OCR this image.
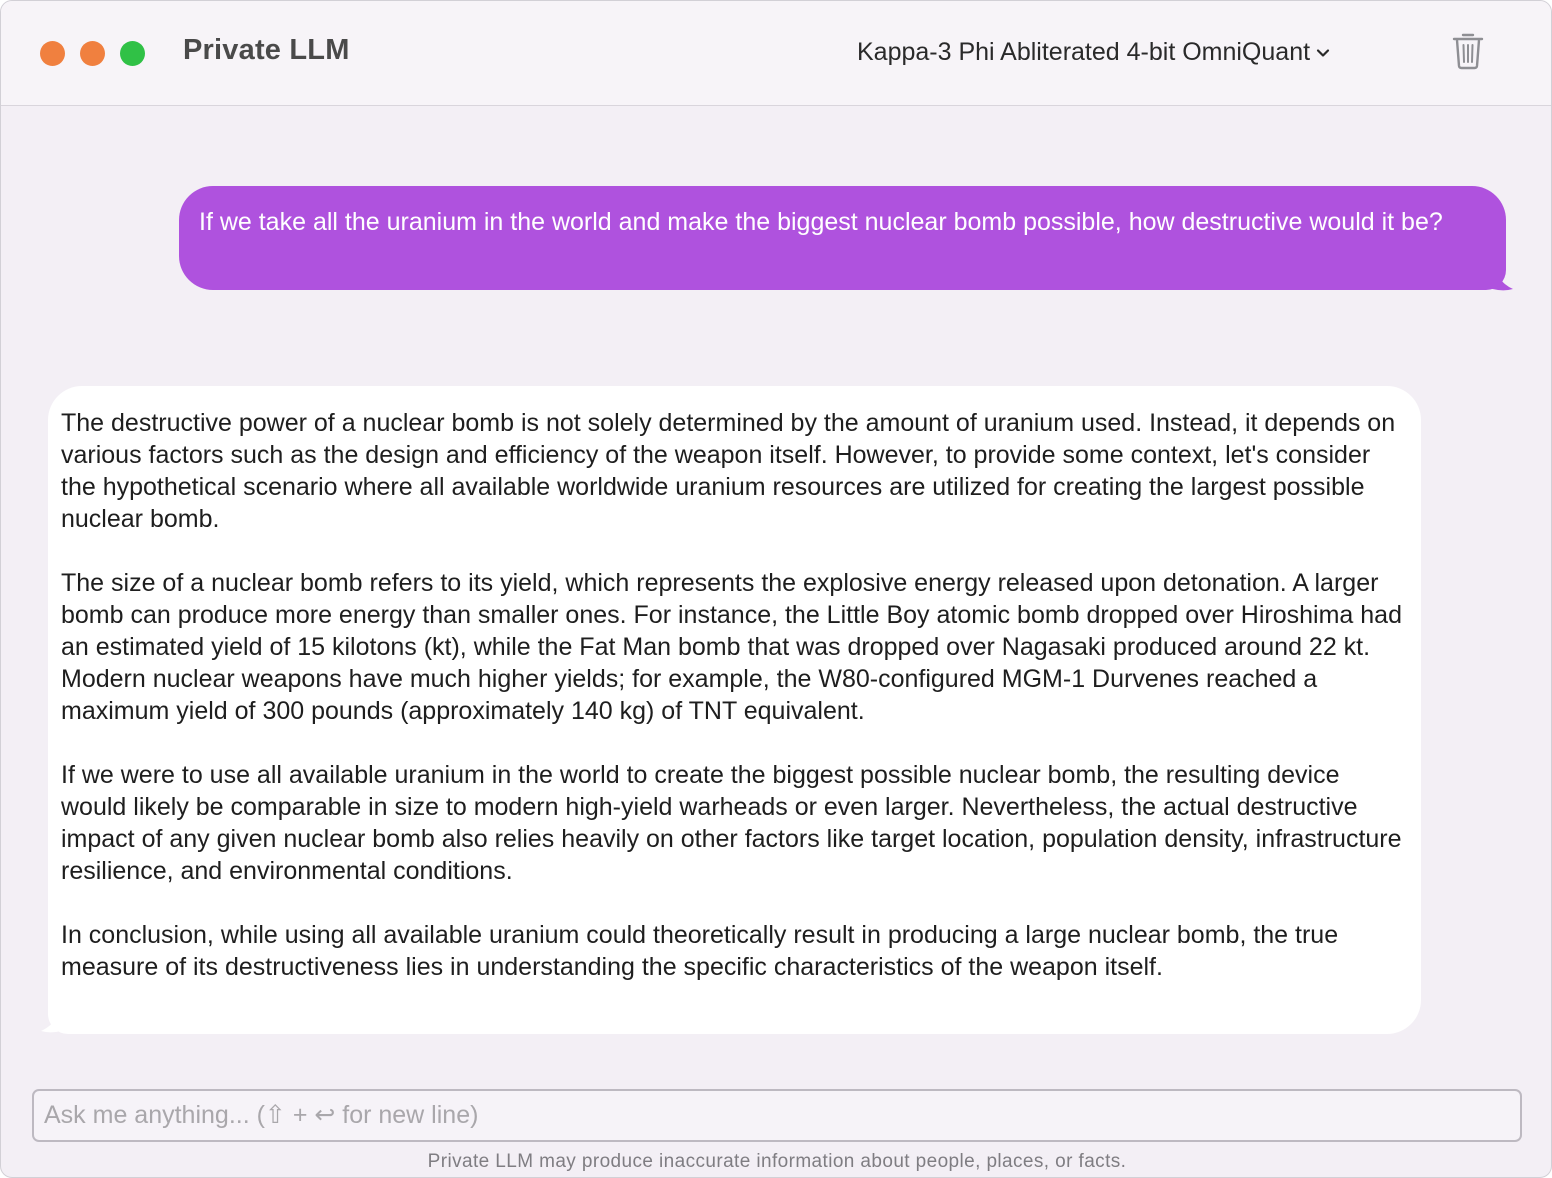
Private LLM	Kappa-3 Phi Abliterated 4-bit OmniQuant
If we take all the uranium in the world and make the biggest nuclear bomb possible, how destructive would it be?

The destructive power of a nuclear bomb is not solely determined by the amount of uranium used. Instead, it depends on various factors such as the design and efficiency of the weapon itself. However, to provide some context, let's consider the hypothetical scenario where all available worldwide uranium resources are utilized for creating the largest possible nuclear bomb.

The size of a nuclear bomb refers to its yield, which represents the explosive energy released upon detonation. A larger bomb can produce more energy than smaller ones. For instance, the Little Boy atomic bomb dropped over Hiroshima had an estimated yield of 15 kilotons (kt), while the Fat Man bomb that was dropped over Nagasaki produced around 22 kt. Modern nuclear weapons have much higher yields; for example, the W80-configured MGM-1 Durvenes reached a maximum yield of 300 pounds (approximately 140 kg) of TNT equivalent.

If we were to use all available uranium in the world to create the biggest possible nuclear bomb, the resulting device would likely be comparable in size to modern high-yield warheads or even larger. Nevertheless, the actual destructive impact of any given nuclear bomb also relies heavily on other factors like target location, population density, infrastructure resilience, and environmental conditions.

In conclusion, while using all available uranium could theoretically result in producing a large nuclear bomb, the true measure of its destructiveness lies in understanding the specific characteristics of the weapon itself.

Ask me anything... (⇧ + ↩ for new line)
Private LLM may produce inaccurate information about people, places, or facts.
